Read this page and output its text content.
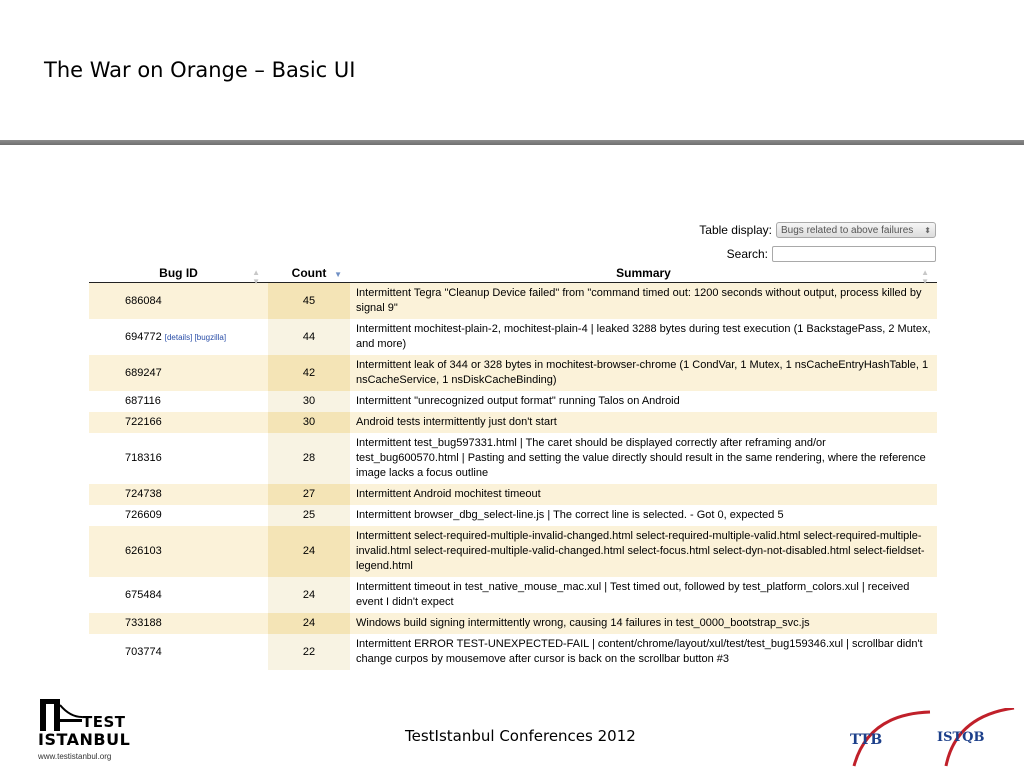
The War on Orange – Basic UI
Table display: Bugs related to above failures ⬍
Search:
Bug ID ▲
▼	Count ▼	Summary ▲
▼

686084	45	Intermittent Tegra "Cleanup Device failed" from "command timed out: 1200 seconds without output, process killed by signal 9"
694772 [details] [bugzilla]	44	Intermittent mochitest-plain-2, mochitest-plain-4 | leaked 3288 bytes during test execution (1 BackstagePass, 2 Mutex, and more)
689247	42	Intermittent leak of 344 or 328 bytes in mochitest-browser-chrome (1 CondVar, 1 Mutex, 1 nsCacheEntryHashTable, 1 nsCacheService, 1 nsDiskCacheBinding)
687116	30	Intermittent "unrecognized output format" running Talos on Android
722166	30	Android tests intermittently just don't start
718316	28	Intermittent test_bug597331.html | The caret should be displayed correctly after reframing and/or test_bug600570.html | Pasting and setting the value directly should result in the same rendering, where the reference image lacks a focus outline
724738	27	Intermittent Android mochitest timeout
726609	25	Intermittent browser_dbg_select-line.js | The correct line is selected. - Got 0, expected 5
626103	24	Intermittent select-required-multiple-invalid-changed.html select-required-multiple-valid.html select-required-multiple-invalid.html select-required-multiple-valid-changed.html select-focus.html select-dyn-not-disabled.html select-fieldset-legend.html
675484	24	Intermittent timeout in test_native_mouse_mac.xul | Test timed out, followed by test_platform_colors.xul | received event I didn't expect
733188	24	Windows build signing intermittently wrong, causing 14 failures in test_0000_bootstrap_svc.js
703774	22	Intermittent ERROR TEST-UNEXPECTED-FAIL | content/chrome/layout/xul/test/test_bug159346.xul | scrollbar didn't change curpos by mousemove after cursor is back on the scrollbar button #3
TEST
ISTANBUL
www.testistanbul.org
TestIstanbul Conferences 2012	TTB	ISTQB
